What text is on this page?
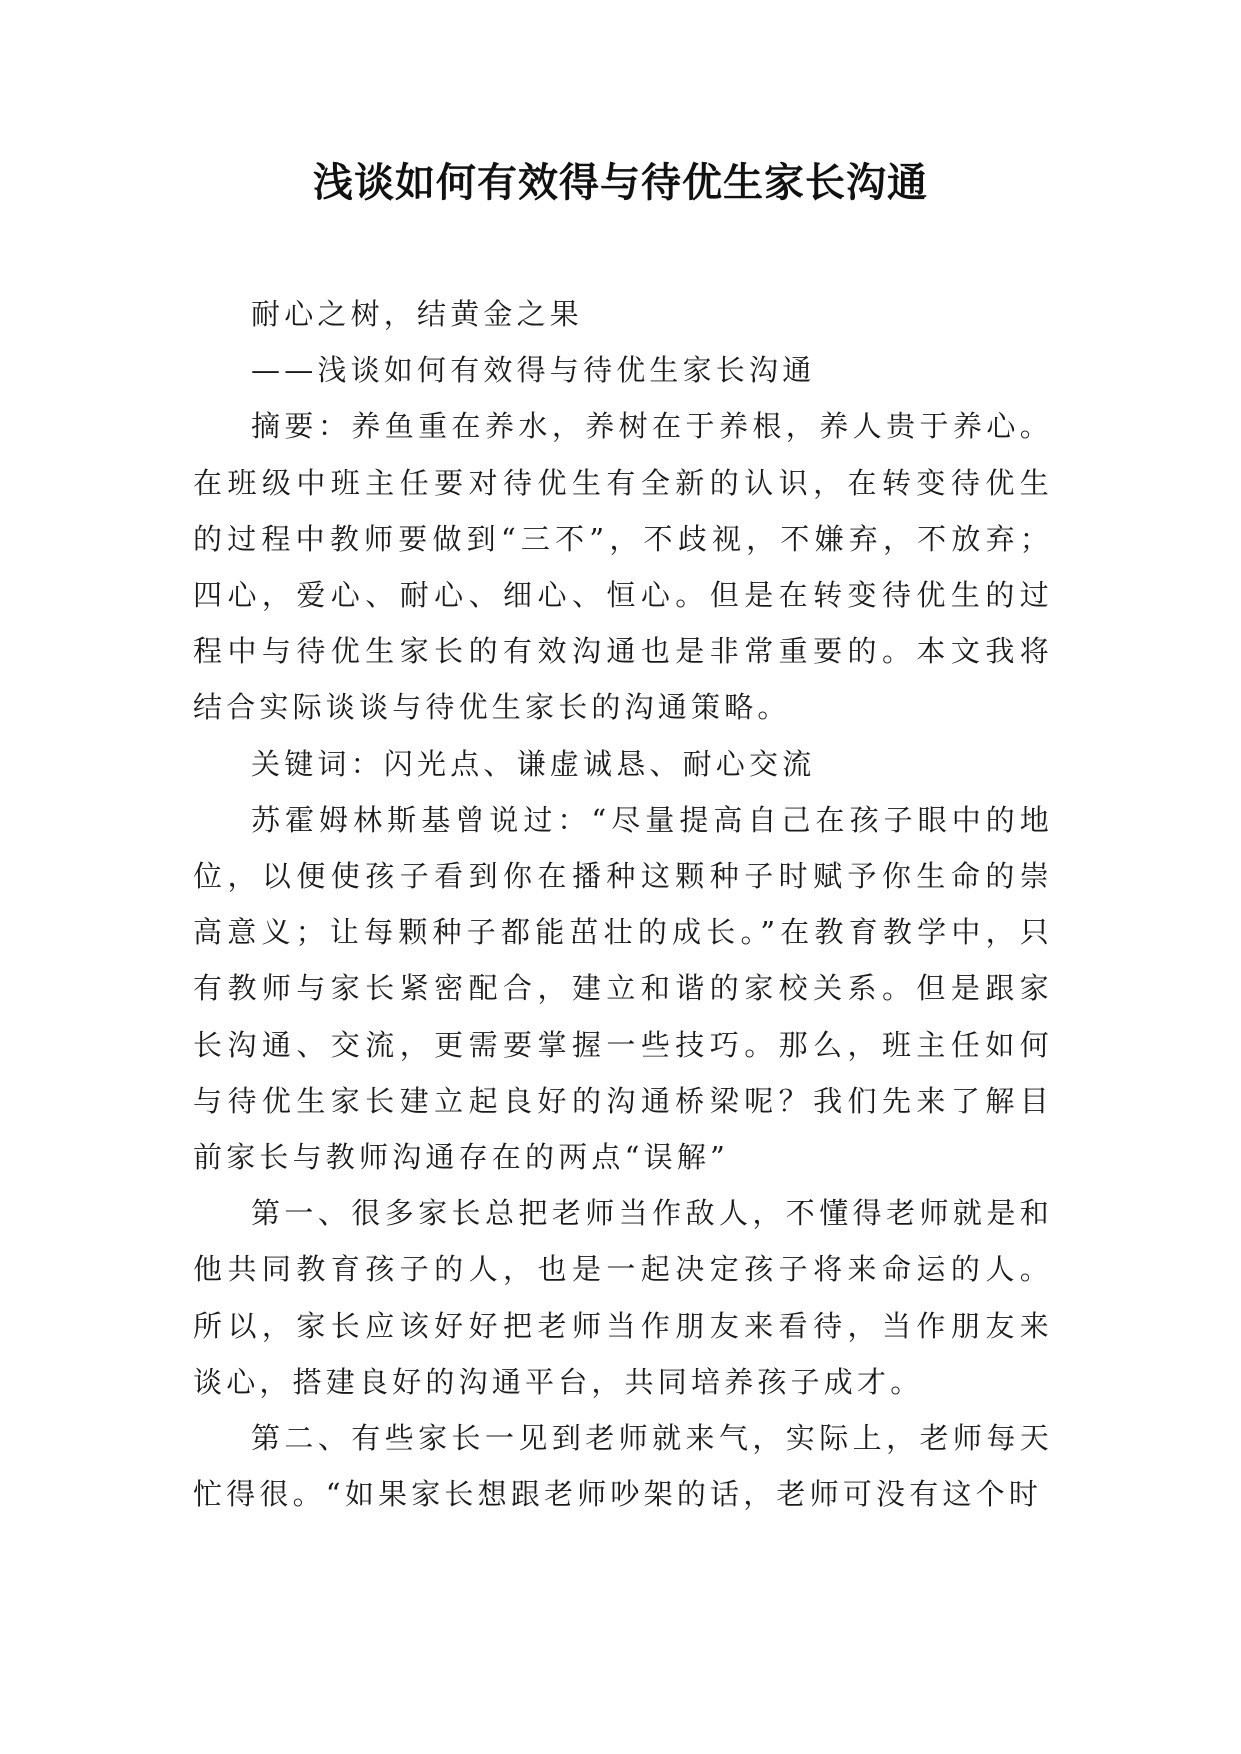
浅谈如何有效得与待优生家长沟通

耐心之树，结黄金之果

——浅谈如何有效得与待优生家长沟通

摘要：养鱼重在养水，养树在于养根，养人贵于养心。在班级中班主任要对待优生有全新的认识，在转变待优生的过程中教师要做到“三不”，不歧视，不嫌弃，不放弃；四心，爱心、耐心、细心、恒心。但是在转变待优生的过程中与待优生家长的有效沟通也是非常重要的。本文我将结合实际谈谈与待优生家长的沟通策略。

关键词：闪光点、谦虚诚恳、耐心交流

苏霍姆林斯基曾说过：“尽量提高自己在孩子眼中的地位，以便使孩子看到你在播种这颗种子时赋予你生命的崇高意义；让每颗种子都能茁壮的成长。”在教育教学中，只有教师与家长紧密配合，建立和谐的家校关系。但是跟家长沟通、交流，更需要掌握一些技巧。那么，班主任如何与待优生家长建立起良好的沟通桥梁呢？我们先来了解目前家长与教师沟通存在的两点“误解”

第一、很多家长总把老师当作敌人，不懂得老师就是和他共同教育孩子的人，也是一起决定孩子将来命运的人。所以，家长应该好好把老师当作朋友来看待，当作朋友来谈心，搭建良好的沟通平台，共同培养孩子成才。

第二、有些家长一见到老师就来气，实际上，老师每天忙得很。“如果家长想跟老师吵架的话，老师可没有这个时
